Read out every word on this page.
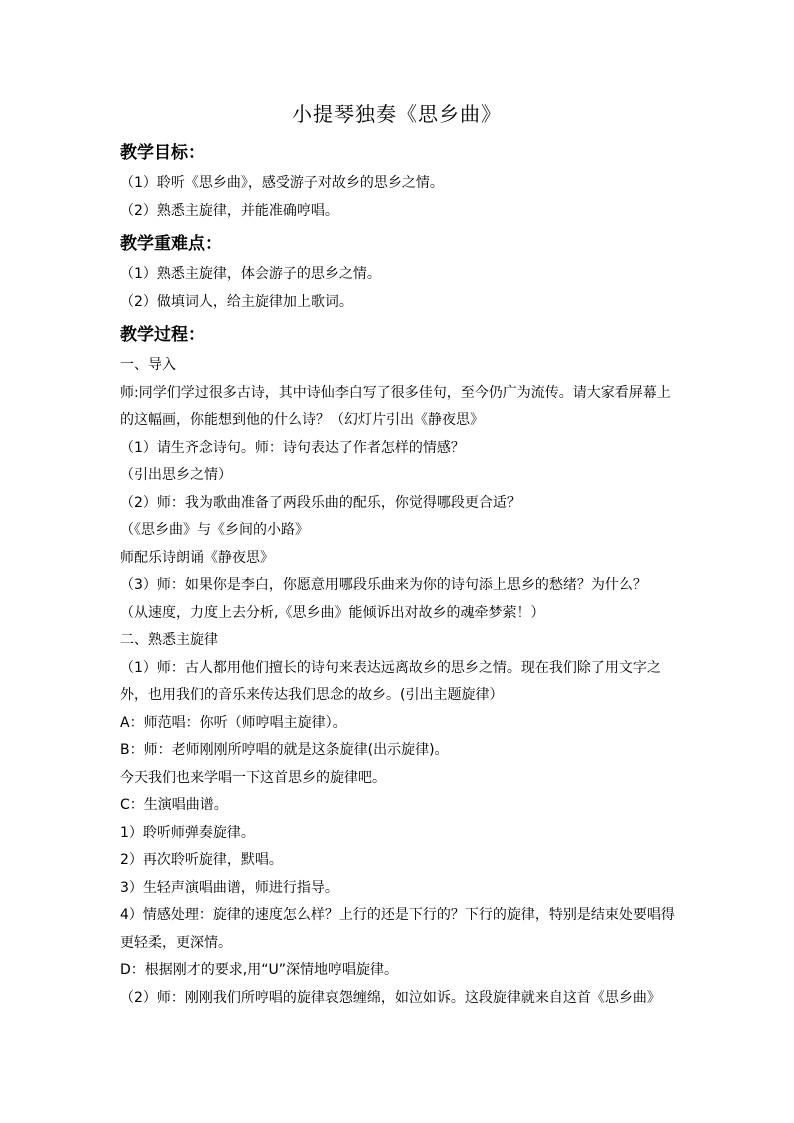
小提琴独奏《思乡曲》
教学目标：

（1）聆听《思乡曲》，感受游子对故乡的思乡之情。

（2）熟悉主旋律，并能准确哼唱。

教学重难点：

（1）熟悉主旋律，体会游子的思乡之情。

（2）做填词人，给主旋律加上歌词。

教学过程：

一、导入

师:同学们学过很多古诗，其中诗仙李白写了很多佳句，至今仍广为流传。请大家看屏幕上的这幅画，你能想到他的什么诗？（幻灯片引出《静夜思》

（1）请生齐念诗句。师：诗句表达了作者怎样的情感？

（引出思乡之情）

（2）师：我为歌曲准备了两段乐曲的配乐，你觉得哪段更合适？

（《思乡曲》与《乡间的小路》

师配乐诗朗诵《静夜思》

（3）师：如果你是李白，你愿意用哪段乐曲来为你的诗句添上思乡的愁绪？为什么？

（从速度，力度上去分析,《思乡曲》能倾诉出对故乡的魂牵梦萦！）

二、熟悉主旋律

（1）师：古人都用他们擅长的诗句来表达远离故乡的思乡之情。现在我们除了用文字之外，也用我们的音乐来传达我们思念的故乡。(引出主题旋律）

A：师范唱：你听（师哼唱主旋律）。

B：师：老师刚刚所哼唱的就是这条旋律(出示旋律)。

今天我们也来学唱一下这首思乡的旋律吧。

C：生演唱曲谱。

1）聆听师弹奏旋律。

2）再次聆听旋律，默唱。

3）生轻声演唱曲谱，师进行指导。

4）情感处理：旋律的速度怎么样？上行的还是下行的？下行的旋律，特别是结束处要唱得更轻柔，更深情。

D：根据刚才的要求,用“U”深情地哼唱旋律。

（2）师：刚刚我们所哼唱的旋律哀怨缠绵，如泣如诉。这段旋律就来自这首《思乡曲》
